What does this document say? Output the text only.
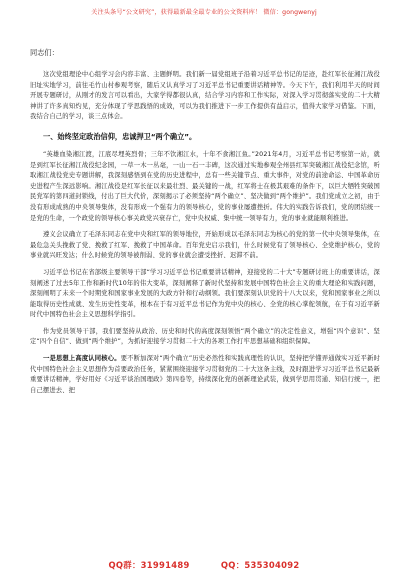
关注头条号“公文研究”，获得最新最全最专业的公文资料库！ 微信：gongwenyj

同志们：

这次党组理论中心组学习会内容丰富、主题鲜明。我们新一届党组班子沿着习近平总书记的足迹，赴红军长征湘江战役旧址实地学习，前往毛竹山村参观考察，随后又认真学习了习近平总书记重要讲话精神等。今天下午，我们利用半天的时间开展专题研讨，从刚才的发言可以看出，大家学得都很认真，结合学习内容和工作实际，对深入学习贯彻落实党的二十大精神讲了许多真知灼见，充分体现了学思践悟的成效，可以为我们推进下一步工作提供有益启示，值得大家学习借鉴。下面，我结合自己的学习，谈三点体会。

一、始终坚定政治信仰，忠诚捍卫“两个确立”。

“英雄血染湘江渡，江底尽埋英烈骨；三年不饮湘江水，十年不食湘江鱼。”2021年4月，习近平总书记考察第一站，就是到红军长征湘江战役纪念园，一草一木一丛毫，一山一石一丰碑，这次通过实地参观全州县红军突破湘江战役纪念馆，听取湘江战役党史专题讲解，我深刻感悟到在党的历史进程中，总有一些关键节点、重大事件，对党的前途命运、中国革命历史进程产生深远影响。湘江战役是红军长征以来最壮烈、最关键的一战，红军将士在极其艰难的条件下，以巨大牺牲突破国民党军的第四道封锁线，付出了巨大代价，深刻揭示了必须坚持“两个确立”、坚决做到“两个维护”。我们党成立之初，由于没有形成成熟的中央领导集体，没有形成一个强有力的领导核心，党的事业屡遭挫折。伟大的实践告诉我们，党的团结统一是党的生命，一个政党的领导核心事关政党兴衰存亡，党中央权威、集中统一领导有力，党的事业就能顺利推进。

遵义会议确立了毛泽东同志在党中央和红军的领导地位，开始形成以毛泽东同志为核心的党的第一代中央领导集体，在最危急关头挽救了党、挽救了红军、挽救了中国革命。百年党史启示我们，什么时候党有了领导核心、全党维护核心，党的事业就兴旺发达；什么时候党的领导被削弱、党的事业就会遭受挫折、迟滞不前。

习近平总书记在省部级主要领导干部“学习习近平总书记重要讲话精神，迎接党的二十大”专题研讨班上的重要讲话，深刻阐述了过去5年工作和新时代10年的伟大变革，深刻阐释了新时代坚持和发展中国特色社会主义的重大理论和实践问题，深刻阐明了未来一个时期党和国家事业发展的大政方针和行动纲领。我们要深刻认识党的十八大以来，党和国家事业之所以能取得历史性成就、发生历史性变革，根本在于有习近平总书记作为党中央的核心、全党的核心掌舵领航，在于有习近平新时代中国特色社会主义思想科学指引。

作为党员领导干部，我们要坚持从政治、历史和时代的高度深刻领悟“两个确立”的决定性意义，增强“四个意识”、坚定“四个自信”、做到“两个维护”，为抓好迎接学习贯彻二十大的各项工作打牢思想基础和组织保障。

一是思想上高度认同核心。要不断加深对“两个确立”历史必然性和实践真理性的认识，坚持把学懂弄通做实习近平新时代中国特色社会主义思想作为首要政治任务，紧紧围绕迎接学习贯彻党的二十大这条主线，及时跟进学习习近平总书记最新重要讲话精神，学好用好《习近平谈治国理政》第四卷等，持续深化党的创新理论武装，做到学思用贯通、知信行统一，把自己摆进去、把

QQ群：31991489	QQ：535304092
